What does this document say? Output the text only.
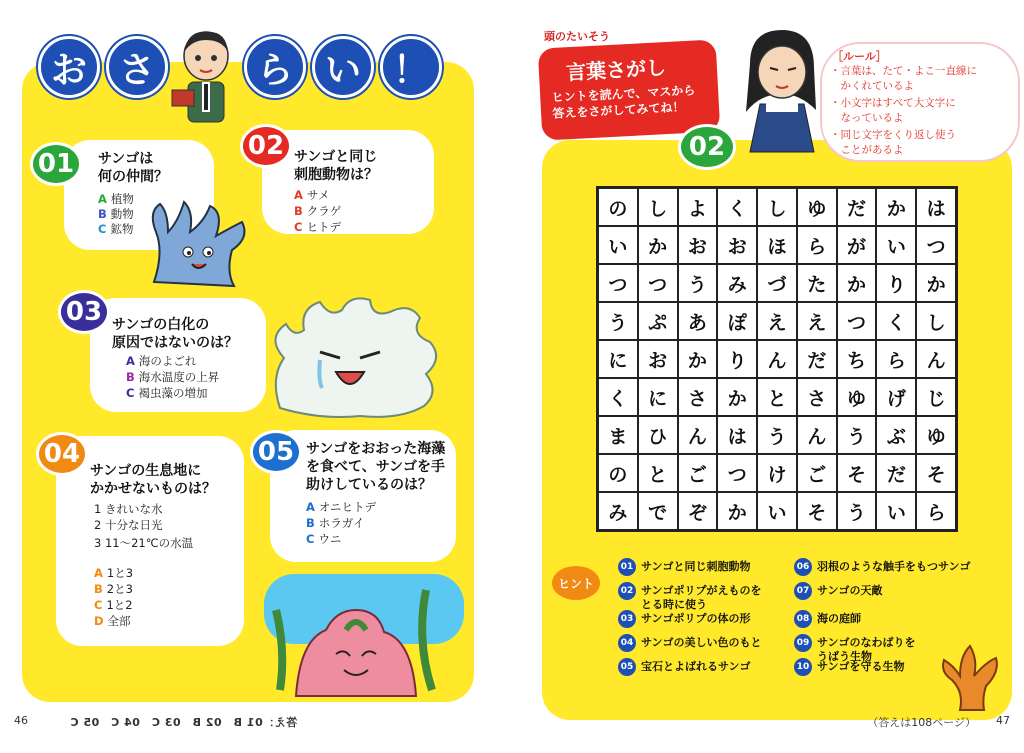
お さ	ら い ！
01	サンゴは
何の仲間？
A 植物
B 動物
C 鉱物
02 サンゴと同じ
刺胞動物は？
A サメ
B クラゲ
C ヒトデ
03 サンゴの白化の
原因ではないのは？
A 海のよごれ
B 海水温度の上昇
C 褐虫藻の増加
04
サンゴの生息地に
かかせないものは？
1 きれいな水
2 十分な日光
3 11〜21℃の水温
A 1と3
B 2と3
C 1と2
D 全部
05 サンゴをおおった海藻
を食べて、サンゴを手
助けしているのは？
A オニヒトデ
B ホラガイ
C ウニ
46	答え：01 B　02 B　03 C　04 C　05 C
頭のたいそう
言葉さがし
ヒントを読んで、マスから
答えをさがしてみてね！
02
［ルール］
・言葉は、たて・よこ一直線に
　かくれているよ
・小文字はすべて大文字に
　なっているよ
・同じ文字をくり返し使う
　ことがあるよ
の	し	よ	く	し	ゆ	だ	か	は
い	か	お	お	ほ	ら	が	い	つ
つ	つ	う	み	づ	た	か	り	か
う	ぷ	あ	ぽ	え	え	つ	く	し
に	お	か	り	ん	だ	ち	ら	ん
く	に	さ	か	と	さ	ゆ	げ	じ
ま	ひ	ん	は	う	ん	う	ぶ	ゆ
の	と	ご	つ	け	ご	そ	だ	そ
み	で	ぞ	か	い	そ	う	い	ら
ヒント
01 サンゴと同じ刺胞動物
02 サンゴポリプがえものを
とる時に使う
03 サンゴポリプの体の形
04 サンゴの美しい色のもと
05 宝石とよばれるサンゴ
06 羽根のような触手をもつサンゴ
07 サンゴの天敵
08 海の庭師
09 サンゴのなわばりを
うばう生物
10 サンゴを守る生物
（答えは108ページ） 47
